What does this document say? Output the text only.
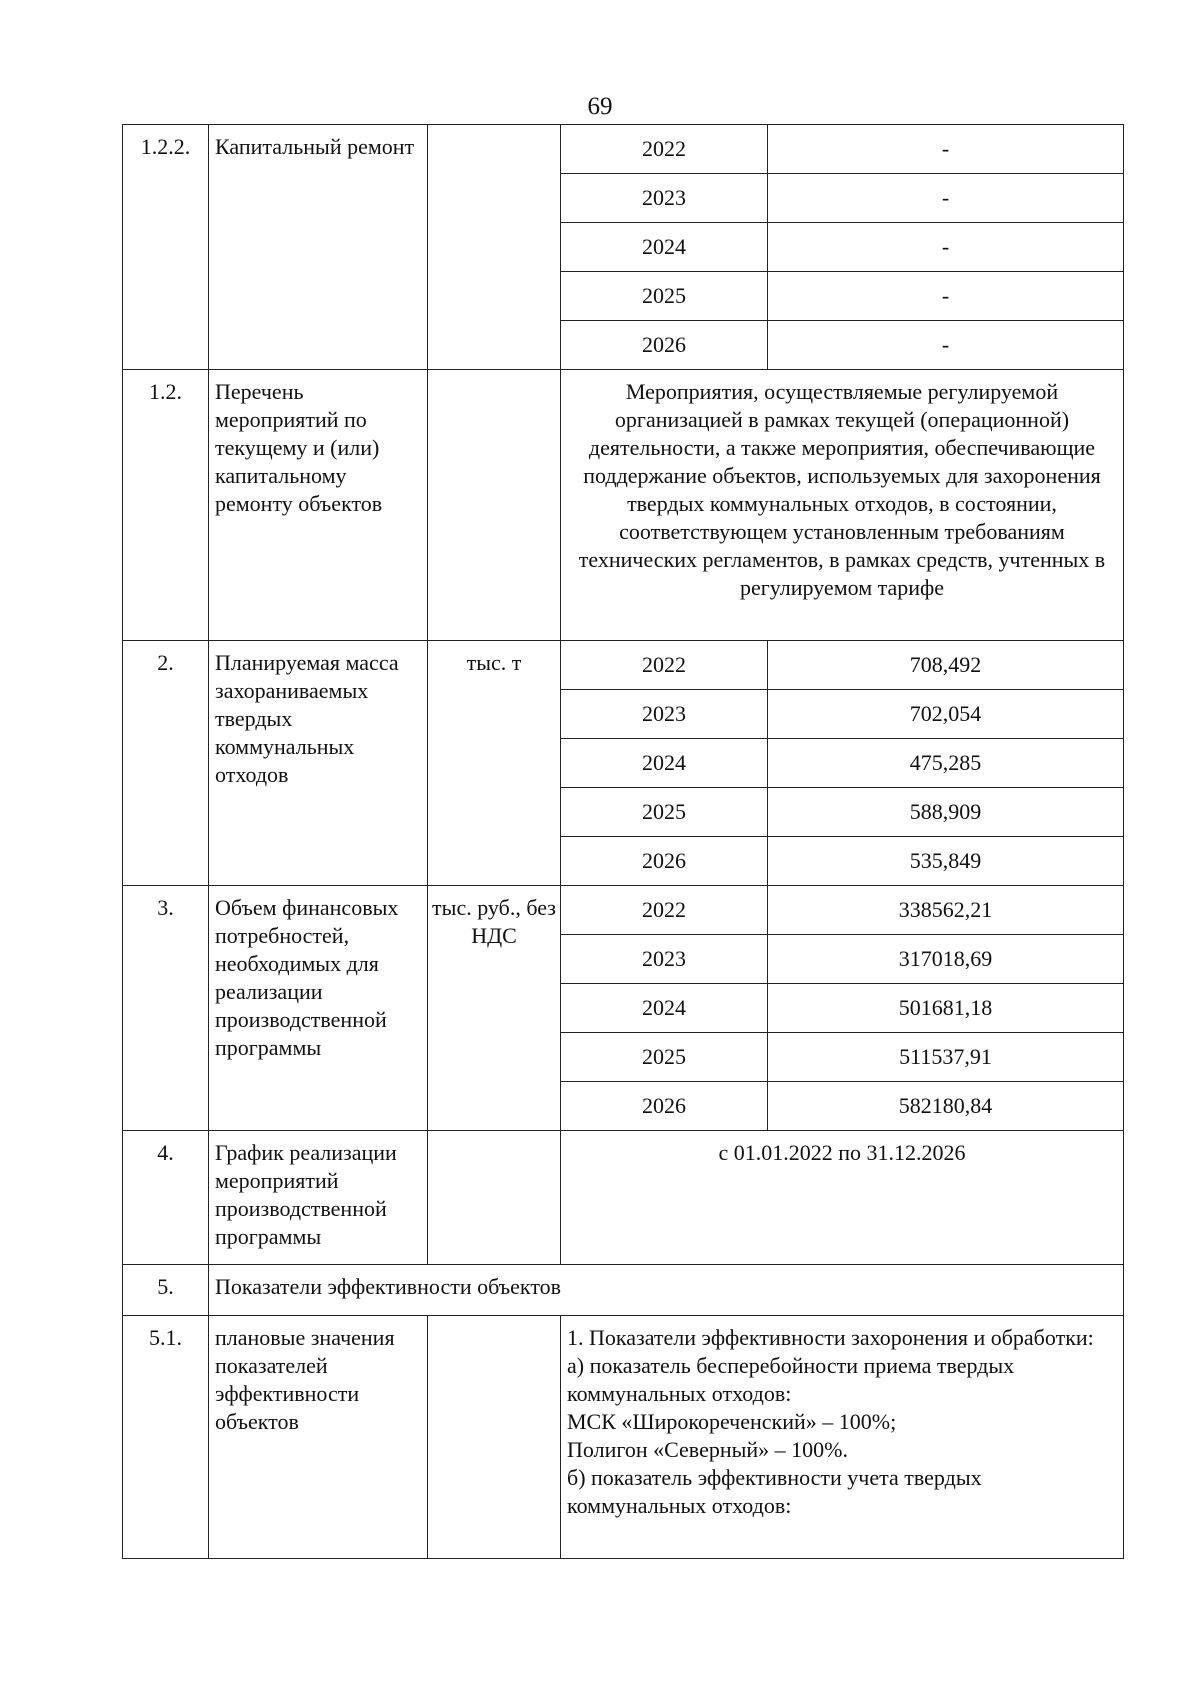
69
1.2.2.	Капитальный ремонт		2022	-
			2023	-
			2024	-
			2025	-
			2026	-
1.2.	Перечень мероприятий по текущему и (или) капитальному ремонту объектов		Мероприятия, осуществляемые регулируемой организацией в рамках текущей (операционной) деятельности, а также мероприятия, обеспечивающие поддержание объектов, используемых для захоронения твердых коммунальных отходов, в состоянии, соответствующем установленным требованиям технических регламентов, в рамках средств, учтенных в регулируемом тарифе	
2.	Планируемая масса захораниваемых твердых коммунальных отходов	тыс. т	2022	708,492
			2023	702,054
			2024	475,285
			2025	588,909
			2026	535,849
3.	Объем финансовых потребностей, необходимых для реализации производственной программы	тыс. руб., без НДС	2022	338562,21
			2023	317018,69
			2024	501681,18
			2025	511537,91
			2026	582180,84
4.	График реализации мероприятий производственной программы		с 01.01.2022 по 31.12.2026	
5.	Показатели эффективности объектов			
5.1.	плановые значения показателей эффективности объектов		1. Показатели эффективности захоронения и обработки:
а) показатель бесперебойности приема твердых коммунальных отходов:
МСК «Широкореченский» – 100%;
Полигон «Северный» – 100%.
б) показатель эффективности учета твердых коммунальных отходов:	
